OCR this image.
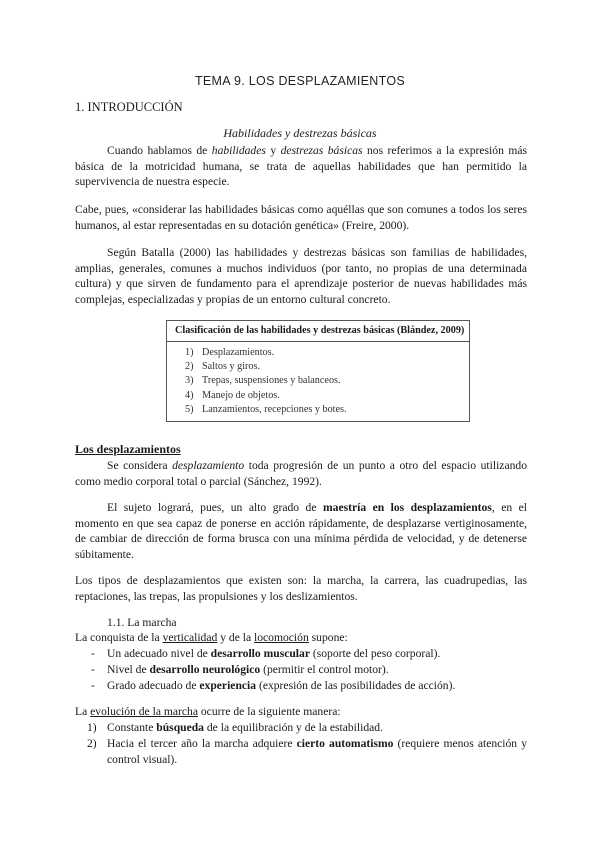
TEMA 9. LOS DESPLAZAMIENTOS
1. INTRODUCCIÓN
Habilidades y destrezas básicas
Cuando hablamos de habilidades y destrezas básicas nos referimos a la expresión más básica de la motricidad humana, se trata de aquellas habilidades que han permitido la supervivencia de nuestra especie.
Cabe, pues, «considerar las habilidades básicas como aquéllas que son comunes a todos los seres humanos, al estar representadas en su dotación genética» (Freire, 2000).
Según Batalla (2000) las habilidades y destrezas básicas son familias de habilidades, amplias, generales, comunes a muchos individuos (por tanto, no propias de una determinada cultura) y que sirven de fundamento para el aprendizaje posterior de nuevas habilidades más complejas, especializadas y propias de un entorno cultural concreto.
Clasificación de las habilidades y destrezas básicas (Blández, 2009)
1) Desplazamientos.
2) Saltos y giros.
3) Trepas, suspensiones y balanceos.
4) Manejo de objetos.
5) Lanzamientos, recepciones y botes.
Los desplazamientos
Se considera desplazamiento toda progresión de un punto a otro del espacio utilizando como medio corporal total o parcial (Sánchez, 1992).
El sujeto logrará, pues, un alto grado de maestría en los desplazamientos, en el momento en que sea capaz de ponerse en acción rápidamente, de desplazarse vertiginosamente, de cambiar de dirección de forma brusca con una mínima pérdida de velocidad, y de detenerse súbitamente.
Los tipos de desplazamientos que existen son: la marcha, la carrera, las cuadrupedias, las reptaciones, las trepas, las propulsiones y los deslizamientos.
1.1. La marcha
La conquista de la verticalidad y de la locomoción supone:
- Un adecuado nivel de desarrollo muscular (soporte del peso corporal).
- Nivel de desarrollo neurológico (permitir el control motor).
- Grado adecuado de experiencia (expresión de las posibilidades de acción).
La evolución de la marcha ocurre de la siguiente manera:
1) Constante búsqueda de la equilibración y de la estabilidad.
2) Hacia el tercer año la marcha adquiere cierto automatismo (requiere menos atención y control visual).
